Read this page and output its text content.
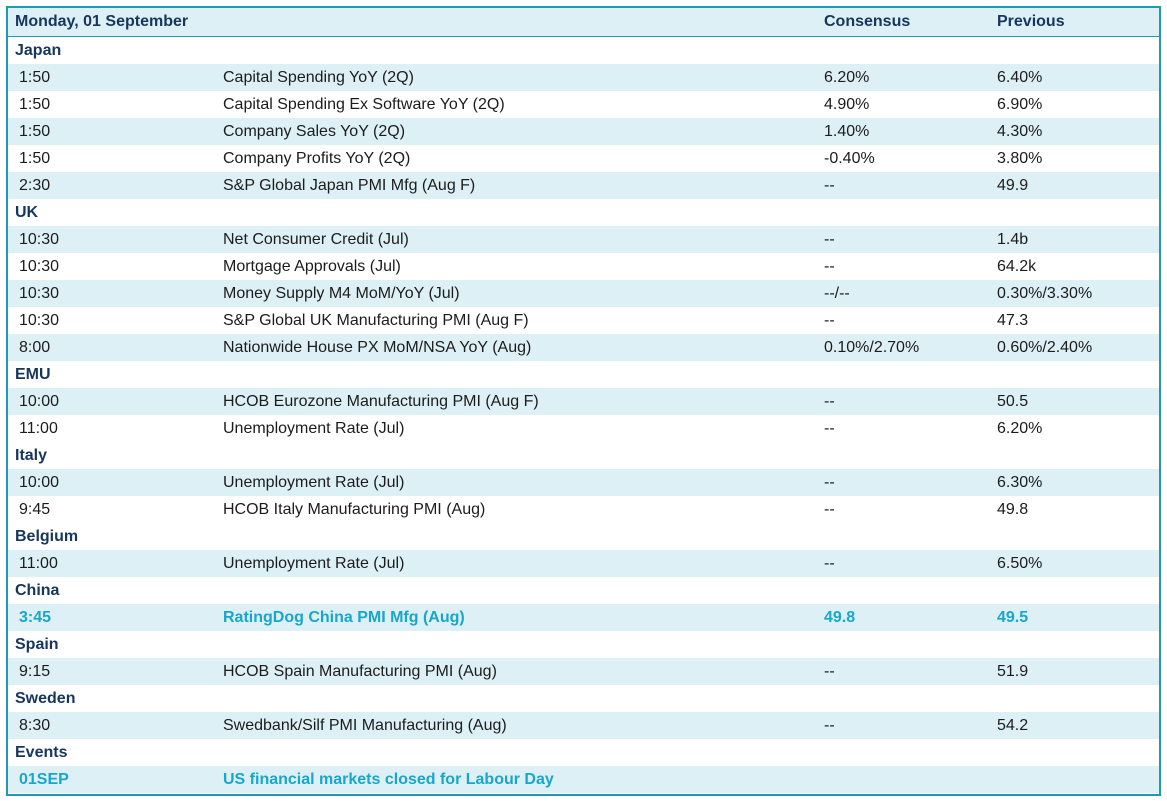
Monday, 01 September	Consensus	Previous
Japan
1:50	Capital Spending YoY (2Q)	6.20%	6.40%
1:50	Capital Spending Ex Software YoY (2Q)	4.90%	6.90%
1:50	Company Sales YoY (2Q)	1.40%	4.30%
1:50	Company Profits YoY (2Q)	-0.40%	3.80%
2:30	S&P Global Japan PMI Mfg (Aug F)	--	49.9
UK
10:30	Net Consumer Credit (Jul)	--	1.4b
10:30	Mortgage Approvals (Jul)	--	64.2k
10:30	Money Supply M4 MoM/YoY (Jul)	--/--	0.30%/3.30%
10:30	S&P Global UK Manufacturing PMI (Aug F)	--	47.3
8:00	Nationwide House PX MoM/NSA YoY (Aug)	0.10%/2.70%	0.60%/2.40%
EMU
10:00	HCOB Eurozone Manufacturing PMI (Aug F)	--	50.5
11:00	Unemployment Rate (Jul)	--	6.20%
Italy
10:00	Unemployment Rate (Jul)	--	6.30%
9:45	HCOB Italy Manufacturing PMI (Aug)	--	49.8
Belgium
11:00	Unemployment Rate (Jul)	--	6.50%
China
3:45	RatingDog China PMI Mfg (Aug)	49.8	49.5
Spain
9:15	HCOB Spain Manufacturing PMI (Aug)	--	51.9
Sweden
8:30	Swedbank/Silf PMI Manufacturing (Aug)	--	54.2
Events
01SEP	US financial markets closed for Labour Day
